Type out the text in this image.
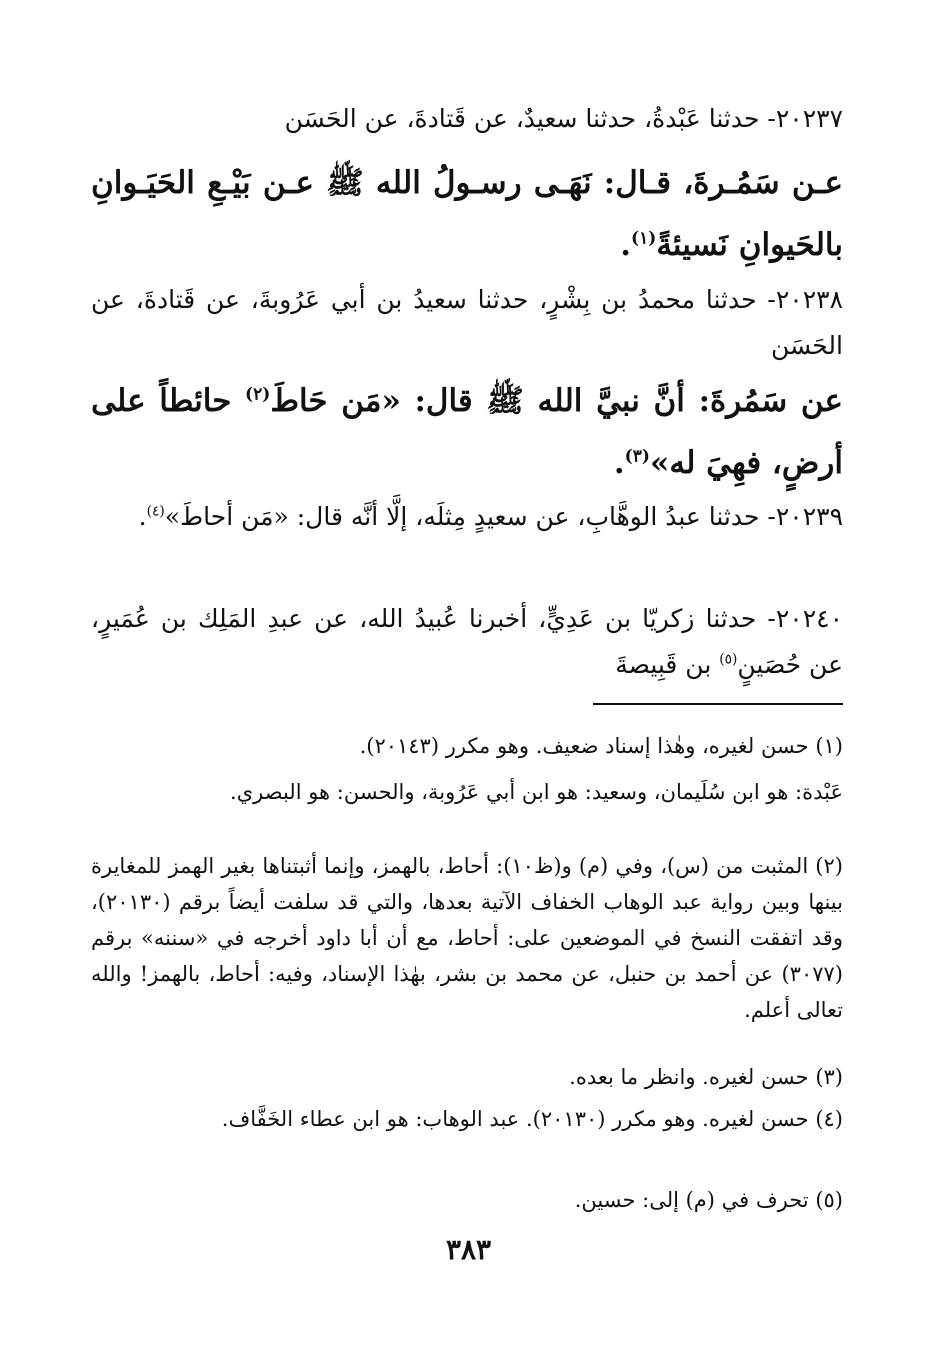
٢٠٢٣٧- حدثنا عَبْدةُ، حدثنا سعيدٌ، عن قَتادةَ، عن الحَسَن
عـن سَمُـرةَ، قـال: نَهَـى رسـولُ الله ﷺ عـن بَيْـعِ الحَيَـوانِ بالحَيوانِ نَسيئةً$^{(١)}$.
٢٠٢٣٨- حدثنا محمدُ بن بِشْرٍ، حدثنا سعيدُ بن أبي عَرُوبةَ، عن قَتادةَ، عن الحَسَن
عن سَمُرةَ: أنَّ نبيَّ الله ﷺ قال: «مَن حَاطَ$^{(٢)}$ حائطاً على أرضٍ، فهِيَ له»$^{(٣)}$.
٢٠٢٣٩- حدثنا عبدُ الوهَّابِ، عن سعيدٍ مِثلَه، إلَّا أنَّه قال: «مَن أحاطَ»$^{(٤)}$.
٢٠٢٤٠- حدثنا زكريّا بن عَدِيٍّ، أخبرنا عُبيدُ الله، عن عبدِ المَلِك بن عُمَيرٍ، عن حُصَينٍ$^{(٥)}$ بن قَبِيصةَ
(١) حسن لغيره، وهٰذا إسناد ضعيف. وهو مكرر (٢٠١٤٣).
عَبْدة: هو ابن سُلَيمان، وسعيد: هو ابن أبي عَرُوبة، والحسن: هو البصري.
(٢) المثبت من (س)، وفي (م) و(ظ١٠): أحاط، بالهمز، وإنما أثبتناها بغير الهمز للمغايرة بينها وبين رواية عبد الوهاب الخفاف الآتية بعدها، والتي قد سلفت أيضاً برقم (٢٠١٣٠)، وقد اتفقت النسخ في الموضعين على: أحاط، مع أن أبا داود أخرجه في «سننه» برقم (٣٠٧٧) عن أحمد بن حنبل، عن محمد بن بشر، بهٰذا الإسناد، وفيه: أحاط، بالهمز! والله تعالى أعلم.
(٣) حسن لغيره. وانظر ما بعده.
(٤) حسن لغيره. وهو مكرر (٢٠١٣٠). عبد الوهاب: هو ابن عطاء الخَفَّاف.
(٥) تحرف في (م) إلى: حسين.
٣٨٣
